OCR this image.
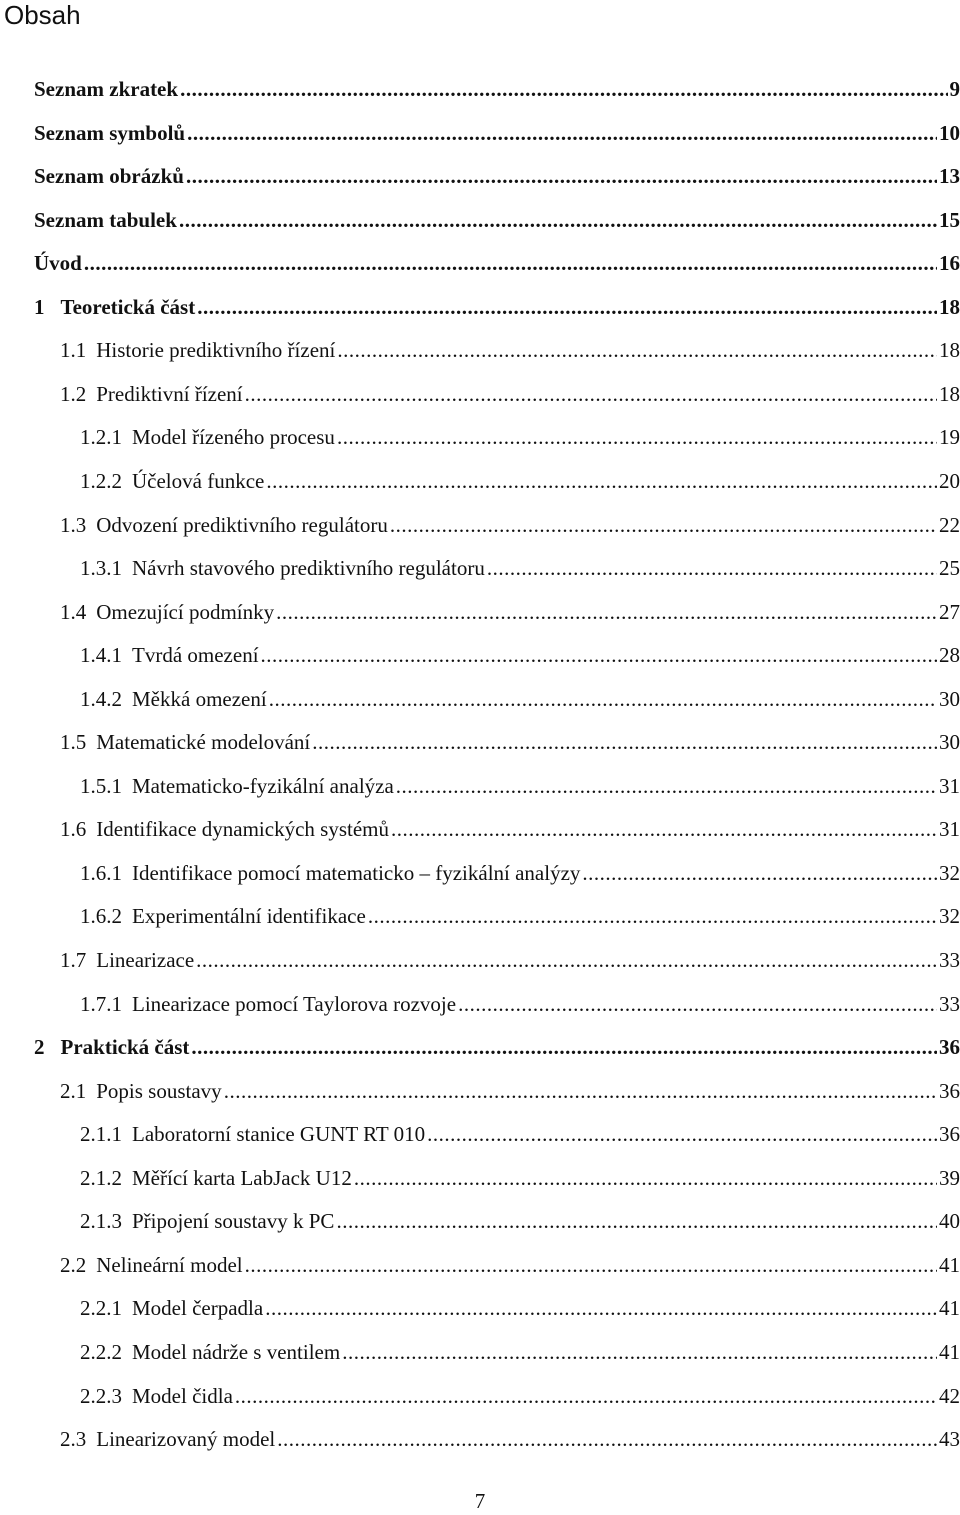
Obsah
Seznam zkratek .....	9
Seznam symbolů .....	10
Seznam obrázků .....	13
Seznam tabulek .....	15
Úvod .....	16
1 Teoretická část .....	18
1.1 Historie prediktivního řízení .....	18
1.2 Prediktivní řízení .....	18
1.2.1 Model řízeného procesu .....	19
1.2.2 Účelová funkce .....	20
1.3 Odvození prediktivního regulátoru .....	22
1.3.1 Návrh stavového prediktivního regulátoru .....	25
1.4 Omezující podmínky .....	27
1.4.1 Tvrdá omezení .....	28
1.4.2 Měkká omezení .....	30
1.5 Matematické modelování .....	30
1.5.1 Matematicko-fyzikální analýza .....	31
1.6 Identifikace dynamických systémů .....	31
1.6.1 Identifikace pomocí matematicko – fyzikální analýzy .....	32
1.6.2 Experimentální identifikace .....	32
1.7 Linearizace .....	33
1.7.1 Linearizace pomocí Taylorova rozvoje .....	33
2 Praktická část .....	36
2.1 Popis soustavy .....	36
2.1.1 Laboratorní stanice GUNT RT 010 .....	36
2.1.2 Měřící karta LabJack U12 .....	39
2.1.3 Připojení soustavy k PC .....	40
2.2 Nelineární model .....	41
2.2.1 Model čerpadla .....	41
2.2.2 Model nádrže s ventilem .....	41
2.2.3 Model čidla .....	42
2.3 Linearizovaný model .....	43
7
